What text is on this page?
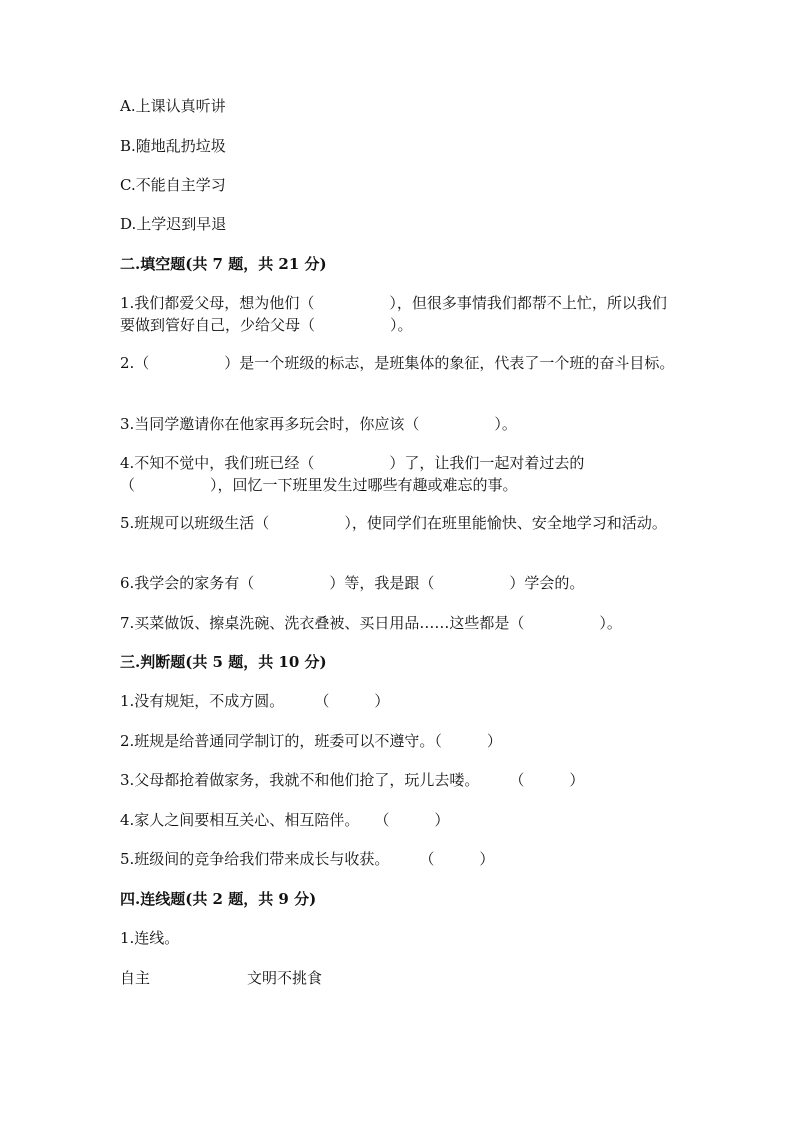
A.上课认真听讲

B.随地乱扔垃圾

C.不能自主学习

D.上学迟到早退

二.填空题(共 7 题，共 21 分)

1.我们都爱父母，想为他们（　　　　　），但很多事情我们都帮不上忙，所以我们要做到管好自己，少给父母（　　　　　）。

2.（　　　　　）是一个班级的标志，是班集体的象征，代表了一个班的奋斗目标。

3.当同学邀请你在他家再多玩会时，你应该（　　　　　）。

4.不知不觉中，我们班已经（　　　　　）了，让我们一起对着过去的（　　　　　），回忆一下班里发生过哪些有趣或难忘的事。

5.班规可以班级生活（　　　　　），使同学们在班里能愉快、安全地学习和活动。

6.我学会的家务有（　　　　　）等，我是跟（　　　　　）学会的。

7.买菜做饭、擦桌洗碗、洗衣叠被、买日用品……这些都是（　　　　　）。

三.判断题(共 5 题，共 10 分)

1.没有规矩，不成方圆。　　　（　　　）

2.班规是给普通同学制订的，班委可以不遵守。（　　　）

3.父母都抢着做家务，我就不和他们抢了，玩儿去喽。　　　（　　　）

4.家人之间要相互关心、相互陪伴。　　（　　　）

5.班级间的竞争给我们带来成长与收获。　　　（　　　）

四.连线题(共 2 题，共 9 分)

1.连线。

自主	文明不挑食
